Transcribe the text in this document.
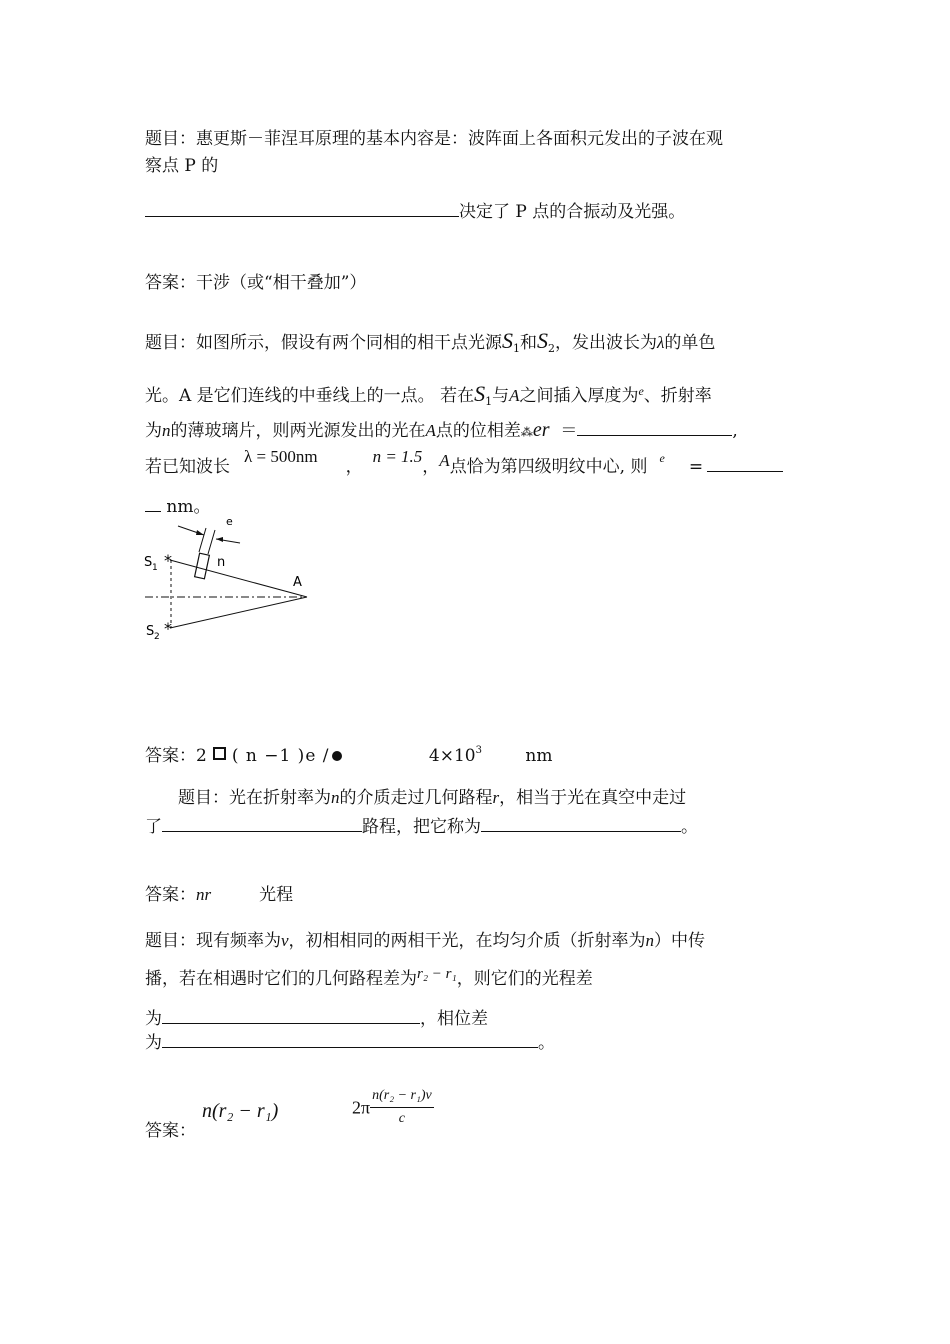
题目：惠更斯－菲涅耳原理的基本内容是：波阵面上各面积元发出的子波在观
察点 P 的
决定了 P 点的合振动及光强。
答案：干涉（或“相干叠加”）
题目：如图所示，假设有两个同相的相干点光源$S_1$和$S_2$，发出波长为λ的单色
光。A 是它们连线的中垂线上的一点。 若在$S_1$与A之间插入厚度为$^e$、折射率
为n的薄玻璃片，则两光源发出的光在A点的位相差⁂er ＝	,
若已知波长λ = 500nm，n = 1.5，A点恰为第四级明纹中心, 则 $^e$ =
nm。
e
n
*
*
S 1
S 2
A
答案：2 ( n −1 )e /	$4\times 10^3$	nm
题目：光在折射率为n的介质走过几何路程r，相当于光在真空中走过
了	路程，把它称为	。
答案：nr	光程
题目：现有频率为ν，初相相同的两相干光，在均匀介质（折射率为n）中传
播，若在相遇时它们的几何路程差为r₂ − r₁，则它们的光程差
为	，相位差
为	。
答案：
n(r₂ − r₁)	$2\pi \frac{\text{n(r₂ − r₁)ν}}{c}$
